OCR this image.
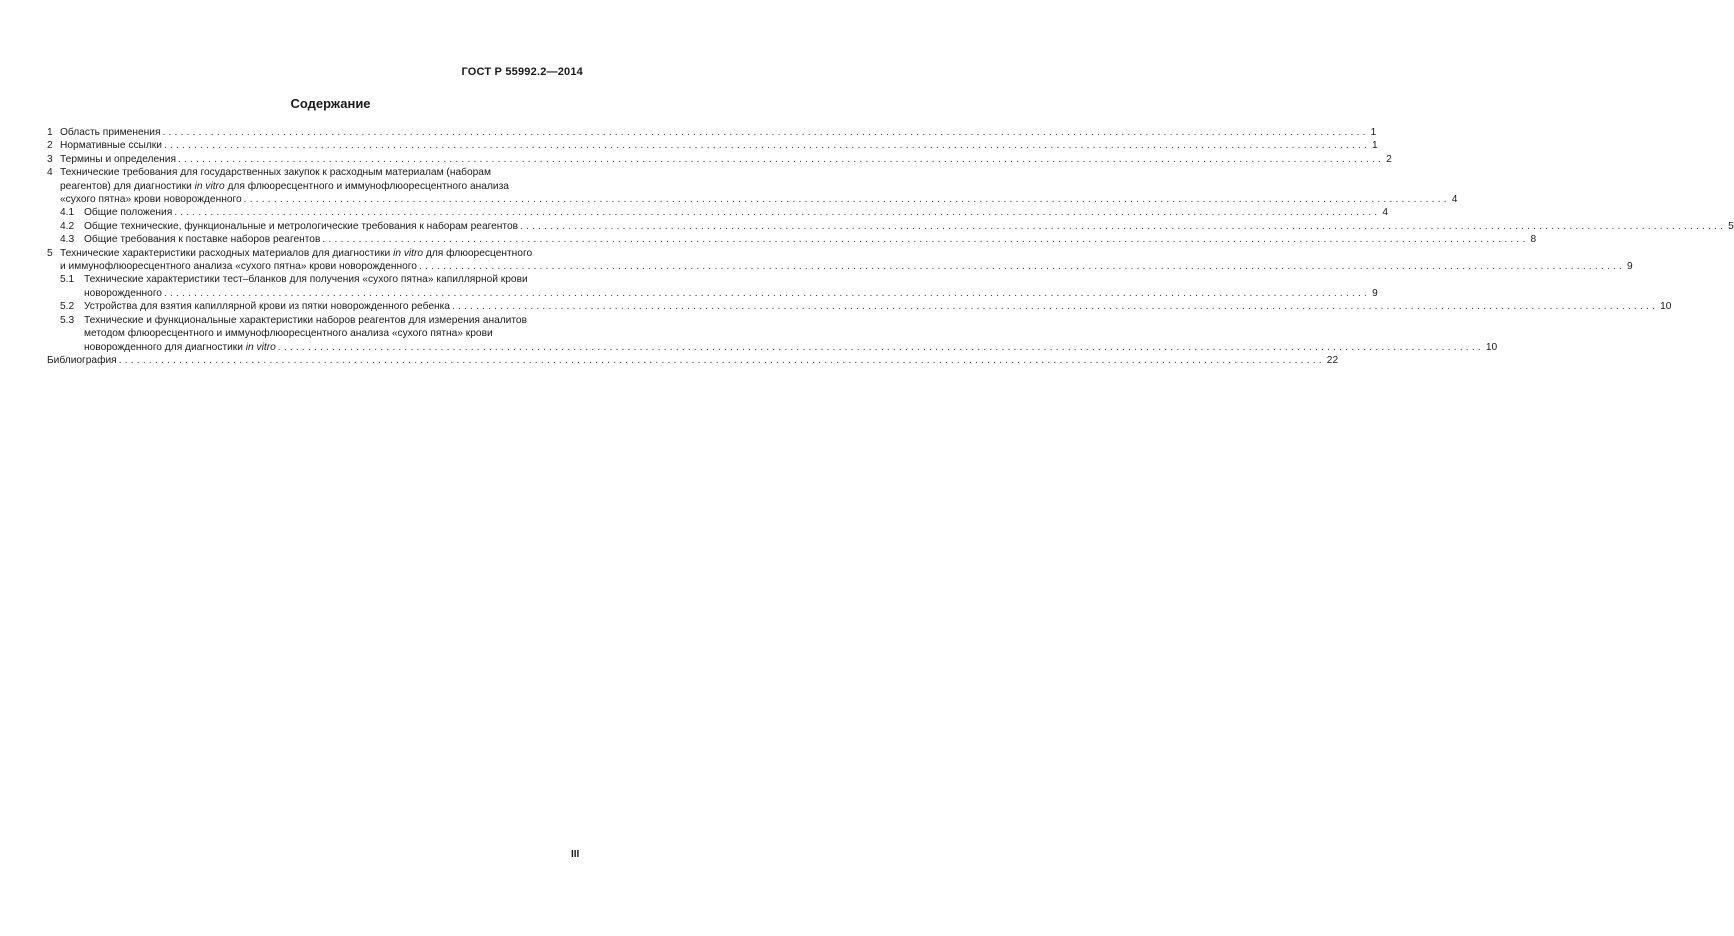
ГОСТ Р 55992.2—2014
Содержание
1 Область применения ........................................................................................................................................................................................................ 1
2 Нормативные ссылки ........................................................................................................................................................................................................ 1
3 Термины и определения ........................................................................................................................................................................................................ 2
4 Технические требования для государственных закупок к расходным материалам (наборам
реагентов) для диагностики in vitro для флюоресцентного и иммунофлюоресцентного анализа
«сухого пятна» крови новорожденного ........................................................................................................................................................................................................ 4
4.1 Общие положения ........................................................................................................................................................................................................ 4
4.2 Общие технические, функциональные и метрологические требования к наборам реагентов ........................................................................................................................................................................................................ 5
4.3 Общие требования к поставке наборов реагентов ........................................................................................................................................................................................................ 8
5 Технические характеристики расходных материалов для диагностики in vitro для флюоресцентного
и иммунофлюоресцентного анализа «сухого пятна» крови новорожденного ........................................................................................................................................................................................................ 9
5.1 Технические характеристики тест–бланков для получения «сухого пятна» капиллярной крови
новорожденного ........................................................................................................................................................................................................ 9
5.2 Устройства для взятия капиллярной крови из пятки новорожденного ребенка ........................................................................................................................................................................................................ 10
5.3 Технические и функциональные характеристики наборов реагентов для измерения аналитов
методом флюоресцентного и иммунофлюоресцентного анализа «сухого пятна» крови
новорожденного для диагностики in vitro ........................................................................................................................................................................................................ 10
Библиография ........................................................................................................................................................................................................ 22
III
